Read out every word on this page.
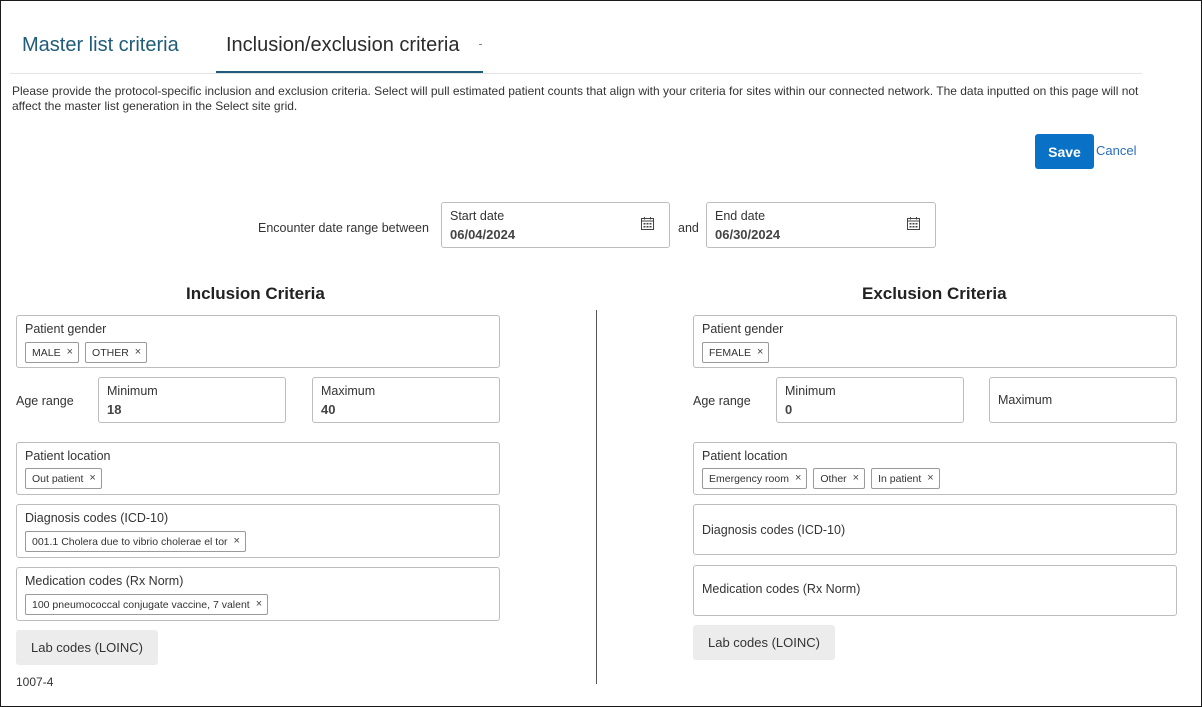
Master list criteria Inclusion/exclusion criteria
Please provide the protocol-specific inclusion and exclusion criteria. Select will pull estimated patient counts that align with your criteria for sites within our connected network. The data inputted on this page will not affect the master list generation in the Select site grid.
Save	Cancel
Encounter date range between
Start date
06/04/2024	and
End date
06/30/2024
Inclusion Criteria	Exclusion Criteria
Patient gender
MALE × OTHER ×
Age range
Minimum
18
Maximum
40
Patient location
Out patient ×
Diagnosis codes (ICD-10)
001.1 Cholera due to vibrio cholerae el tor ×
Medication codes (Rx Norm)
100 pneumococcal conjugate vaccine, 7 valent ×
Lab codes (LOINC)
1007-4
Patient gender
FEMALE ×
Age range
Minimum
0
Maximum
Patient location
Emergency room × Other × In patient ×
Diagnosis codes (ICD-10)
Medication codes (Rx Norm)
Lab codes (LOINC)
